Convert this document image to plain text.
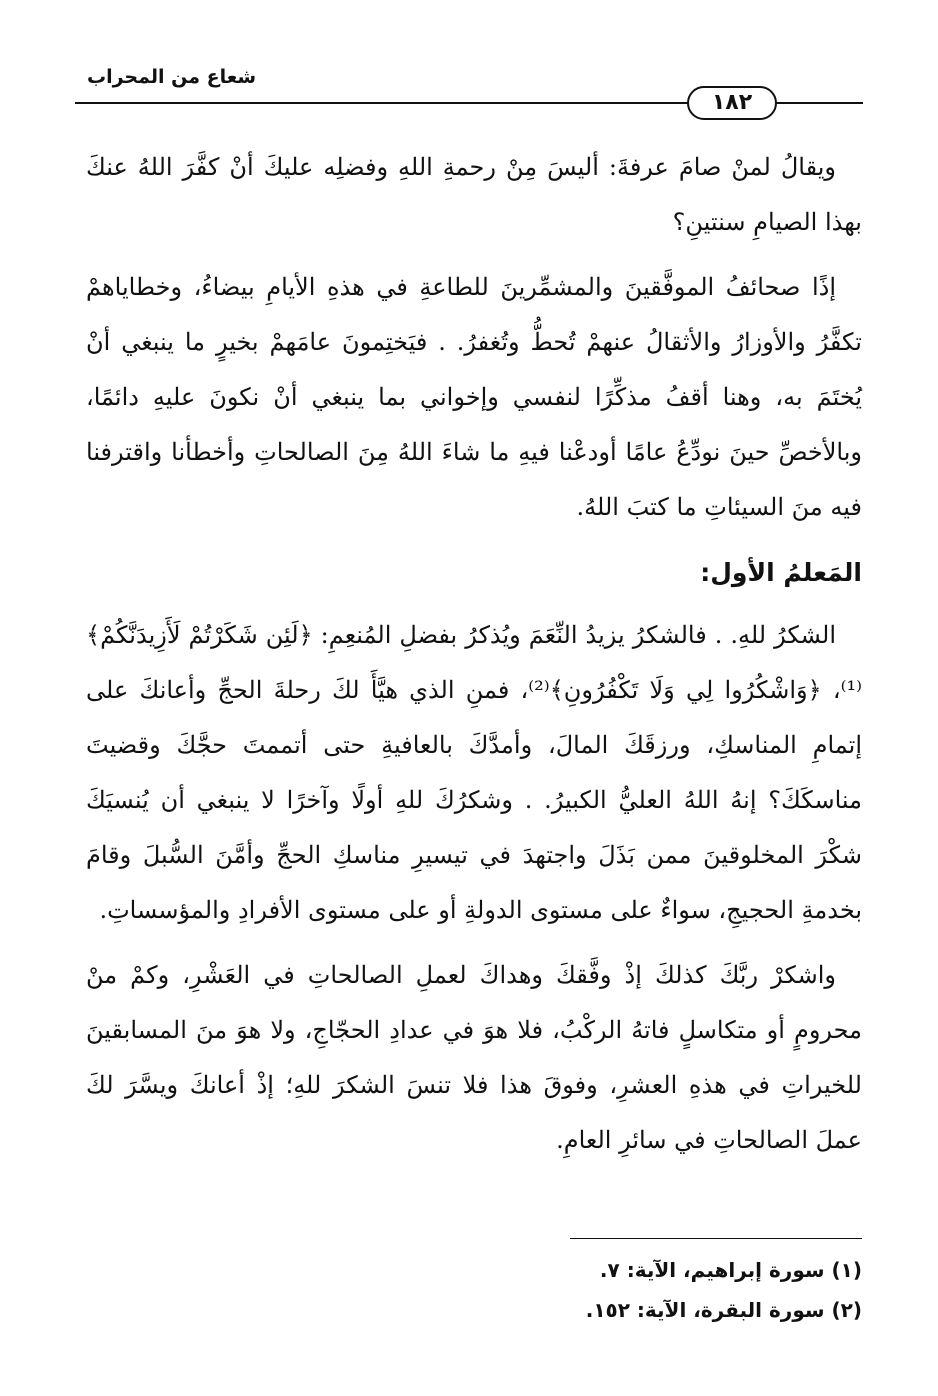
شعاع من المحراب
١٨٢

ويقالُ لمنْ صامَ عرفةَ: أليسَ مِنْ رحمةِ اللهِ وفضلِه عليكَ أنْ كفَّرَ اللهُ عنكَ بهذا الصيامِ سنتينِ؟

إذًا صحائفُ الموفَّقينَ والمشمِّرينَ للطاعةِ في هذهِ الأيامِ بيضاءُ، وخطاياهمْ تكفَّرُ والأوزارُ والأثقالُ عنهمْ تُحطُّ وتُغفرُ. . فيَختِمونَ عامَهمْ بخيرٍ ما ينبغي أنْ يُختَمَ به، وهنا أقفُ مذكِّرًا لنفسي وإخواني بما ينبغي أنْ نكونَ عليهِ دائمًا، وبالأخصِّ حينَ نودِّعُ عامًا أودعْنا فيهِ ما شاءَ اللهُ مِنَ الصالحاتِ وأخطأنا واقترفنا فيه منَ السيئاتِ ما كتبَ اللهُ.

المَعلمُ الأول:

الشكرُ للهِ. . فالشكرُ يزيدُ النِّعَمَ ويُذكرُ بفضلِ المُنعِمِ: ﴿لَئِن شَكَرْتُمْ لَأَزِيدَنَّكُمْ﴾⁽¹⁾، ﴿وَاشْكُرُوا لِي وَلَا تَكْفُرُونِ﴾⁽²⁾، فمنِ الذي هيَّأَ لكَ رحلةَ الحجِّ وأعانكَ على إتمامِ المناسكِ، ورزقَكَ المالَ، وأمدَّكَ بالعافيةِ حتى أتممتَ حجَّكَ وقضيتَ مناسكَكَ؟ إنهُ اللهُ العليُّ الكبيرُ. . وشكرُكَ للهِ أولًا وآخرًا لا ينبغي أن يُنسيَكَ شكْرَ المخلوقينَ ممن بَذَلَ واجتهدَ في تيسيرِ مناسكِ الحجِّ وأمَّنَ السُّبلَ وقامَ بخدمةِ الحجيجِ، سواءٌ على مستوى الدولةِ أو على مستوى الأفرادِ والمؤسساتِ.

واشكرْ ربَّكَ كذلكَ إذْ وفَّقكَ وهداكَ لعملِ الصالحاتِ في العَشْرِ، وكمْ منْ محرومٍ أو متكاسلٍ فاتهُ الركْبُ، فلا هوَ في عدادِ الحجّاجِ، ولا هوَ منَ المسابقينَ للخيراتِ في هذهِ العشرِ، وفوقَ هذا فلا تنسَ الشكرَ للهِ؛ إذْ أعانكَ ويسَّرَ لكَ عملَ الصالحاتِ في سائرِ العامِ.

(١) سورة إبراهيم، الآية: ٧.

(٢) سورة البقرة، الآية: ١٥٢.
